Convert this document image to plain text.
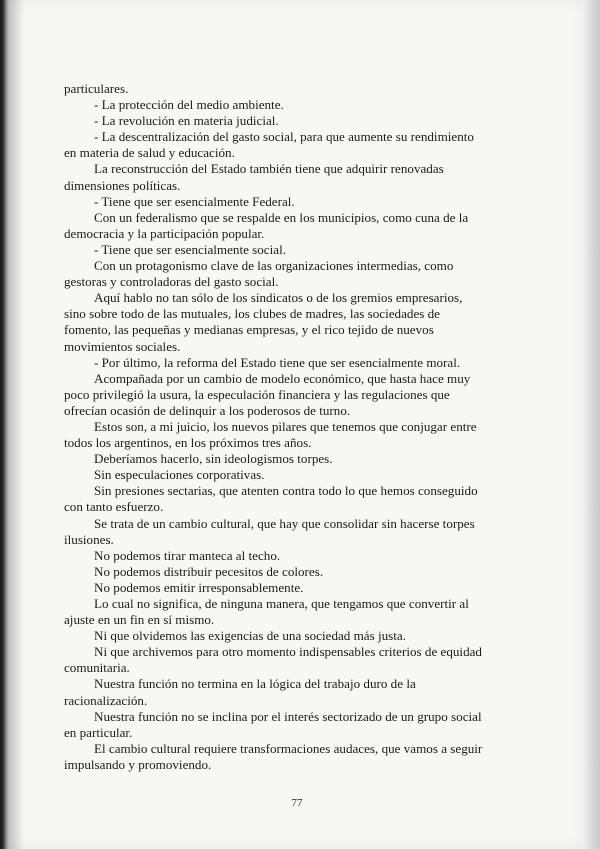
particulares.

- La protección del medio ambiente.

- La revolución en materia judicial.

- La descentralización del gasto social, para que aumente su rendimiento en materia de salud y educación.

La reconstrucción del Estado también tiene que adquirir renovadas dimensiones políticas.

- Tiene que ser esencialmente Federal.

Con un federalismo que se respalde en los municipios, como cuna de la democracia y la participación popular.

- Tiene que ser esencialmente social.

Con un protagonismo clave de las organizaciones intermedias, como gestoras y controladoras del gasto social.

Aquí hablo no tan sólo de los sindicatos o de los gremios empresarios, sino sobre todo de las mutuales, los clubes de madres, las sociedades de fomento, las pequeñas y medianas empresas, y el rico tejido de nuevos movimientos sociales.

- Por último, la reforma del Estado tiene que ser esencialmente moral.

Acompañada por un cambio de modelo económico, que hasta hace muy poco privilegió la usura, la especulación financiera y las regulaciones que ofrecían ocasión de delinquir a los poderosos de turno.

Estos son, a mi juicio, los nuevos pilares que tenemos que conjugar entre todos los argentinos, en los próximos tres años.

Deberíamos hacerlo, sin ideologismos torpes.

Sin especulaciones corporativas.

Sin presiones sectarias, que atenten contra todo lo que hemos conseguido con tanto esfuerzo.

Se trata de un cambio cultural, que hay que consolidar sin hacerse torpes ilusiones.

No podemos tirar manteca al techo.

No podemos distribuir pecesitos de colores.

No podemos emitir irresponsablemente.

Lo cual no significa, de ninguna manera, que tengamos que convertir al ajuste en un fin en sí mismo.

Ni que olvidemos las exigencias de una sociedad más justa.

Ni que archivemos para otro momento indispensables criterios de equidad comunitaria.

Nuestra función no termina en la lógica del trabajo duro de la racionalización.

Nuestra función no se inclina por el interés sectorizado de un grupo social en particular.

El cambio cultural requiere transformaciones audaces, que vamos a seguir impulsando y promoviendo.

77
